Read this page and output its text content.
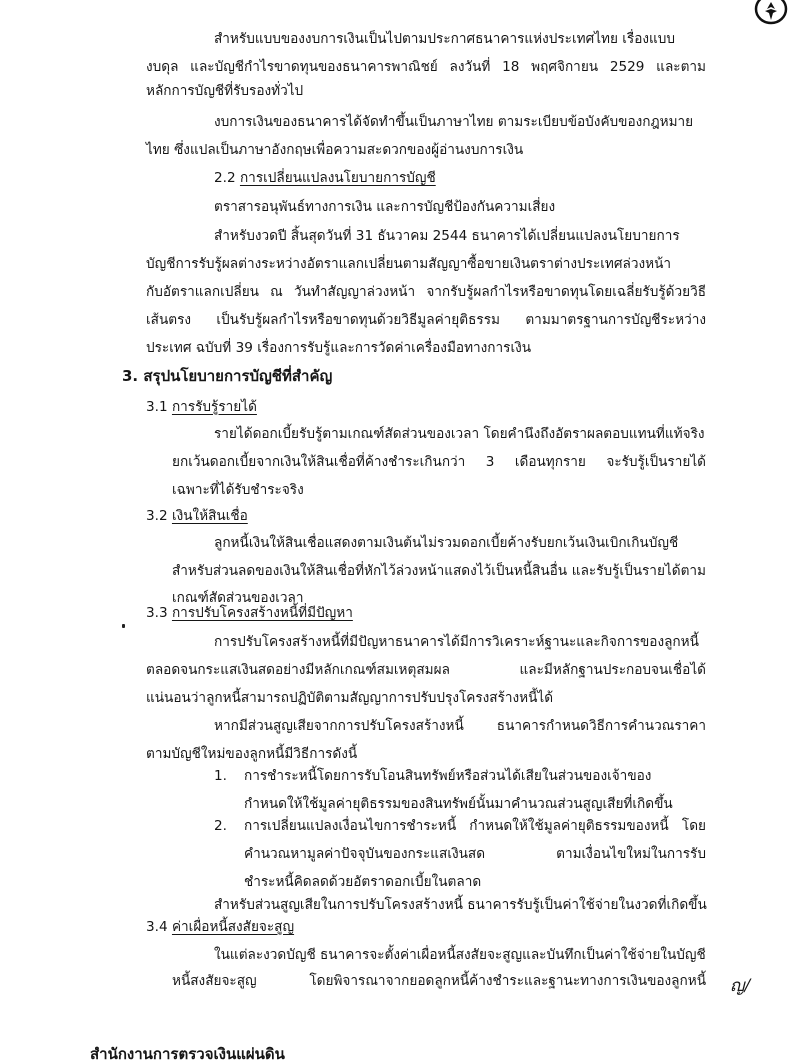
สำหรับแบบของงบการเงินเป็นไปตามประกาศธนาคารแห่งประเทศไทย เรื่องแบบ
งบดุล และบัญชีกำไรขาดทุนของธนาคารพาณิชย์ ลงวันที่ 18 พฤศจิกายน 2529 และตาม
หลักการบัญชีที่รับรองทั่วไป
งบการเงินของธนาคารได้จัดทำขึ้นเป็นภาษาไทย ตามระเบียบข้อบังคับของกฎหมาย
ไทย ซึ่งแปลเป็นภาษาอังกฤษเพื่อความสะดวกของผู้อ่านงบการเงิน
2.2 การเปลี่ยนแปลงนโยบายการบัญชี
ตราสารอนุพันธ์ทางการเงิน และการบัญชีป้องกันความเสี่ยง
สำหรับงวดปี สิ้นสุดวันที่ 31 ธันวาคม 2544 ธนาคารได้เปลี่ยนแปลงนโยบายการ
บัญชีการรับรู้ผลต่างระหว่างอัตราแลกเปลี่ยนตามสัญญาซื้อขายเงินตราต่างประเทศล่วงหน้า
กับอัตราแลกเปลี่ยน ณ วันทำสัญญาล่วงหน้า จากรับรู้ผลกำไรหรือขาดทุนโดยเฉลี่ยรับรู้ด้วยวิธี
เส้นตรง เป็นรับรู้ผลกำไรหรือขาดทุนด้วยวิธีมูลค่ายุติธรรม ตามมาตรฐานการบัญชีระหว่าง
ประเทศ ฉบับที่ 39 เรื่องการรับรู้และการวัดค่าเครื่องมือทางการเงิน
3. สรุปนโยบายการบัญชีที่สำคัญ
3.1 การรับรู้รายได้
รายได้ดอกเบี้ยรับรู้ตามเกณฑ์สัดส่วนของเวลา โดยคำนึงถึงอัตราผลตอบแทนที่แท้จริง
ยกเว้นดอกเบี้ยจากเงินให้สินเชื่อที่ค้างชำระเกินกว่า 3 เดือนทุกราย จะรับรู้เป็นรายได้
เฉพาะที่ได้รับชำระจริง
3.2 เงินให้สินเชื่อ
ลูกหนี้เงินให้สินเชื่อแสดงตามเงินต้นไม่รวมดอกเบี้ยค้างรับยกเว้นเงินเบิกเกินบัญชี
สำหรับส่วนลดของเงินให้สินเชื่อที่หักไว้ล่วงหน้าแสดงไว้เป็นหนี้สินอื่น และรับรู้เป็นรายได้ตาม
เกณฑ์สัดส่วนของเวลา
3.3 การปรับโครงสร้างหนี้ที่มีปัญหา
การปรับโครงสร้างหนี้ที่มีปัญหาธนาคารได้มีการวิเคราะห์ฐานะและกิจการของลูกหนี้
ตลอดจนกระแสเงินสดอย่างมีหลักเกณฑ์สมเหตุสมผล และมีหลักฐานประกอบจนเชื่อได้
แน่นอนว่าลูกหนี้สามารถปฏิบัติตามสัญญาการปรับปรุงโครงสร้างหนี้ได้
หากมีส่วนสูญเสียจากการปรับโครงสร้างหนี้ ธนาคารกำหนดวิธีการคำนวณราคา
ตามบัญชีใหม่ของลูกหนี้มีวิธีการดังนี้
1. การชำระหนี้โดยการรับโอนสินทรัพย์หรือส่วนได้เสียในส่วนของเจ้าของ
กำหนดให้ใช้มูลค่ายุติธรรมของสินทรัพย์นั้นมาคำนวณส่วนสูญเสียที่เกิดขึ้น
2. การเปลี่ยนแปลงเงื่อนไขการชำระหนี้ กำหนดให้ใช้มูลค่ายุติธรรมของหนี้ โดย
คำนวณหามูลค่าปัจจุบันของกระแสเงินสด ตามเงื่อนไขใหม่ในการรับ
ชำระหนี้คิดลดด้วยอัตราดอกเบี้ยในตลาด
สำหรับส่วนสูญเสียในการปรับโครงสร้างหนี้ ธนาคารรับรู้เป็นค่าใช้จ่ายในงวดที่เกิดขึ้น
3.4 ค่าเผื่อหนี้สงสัยจะสูญ
ในแต่ละงวดบัญชี ธนาคารจะตั้งค่าเผื่อหนี้สงสัยจะสูญและบันทึกเป็นค่าใช้จ่ายในบัญชี
หนี้สงสัยจะสูญ โดยพิจารณาจากยอดลูกหนี้ค้างชำระและฐานะทางการเงินของลูกหนี้ ญ/
สำนักงานการตรวจเงินแผ่นดิน
